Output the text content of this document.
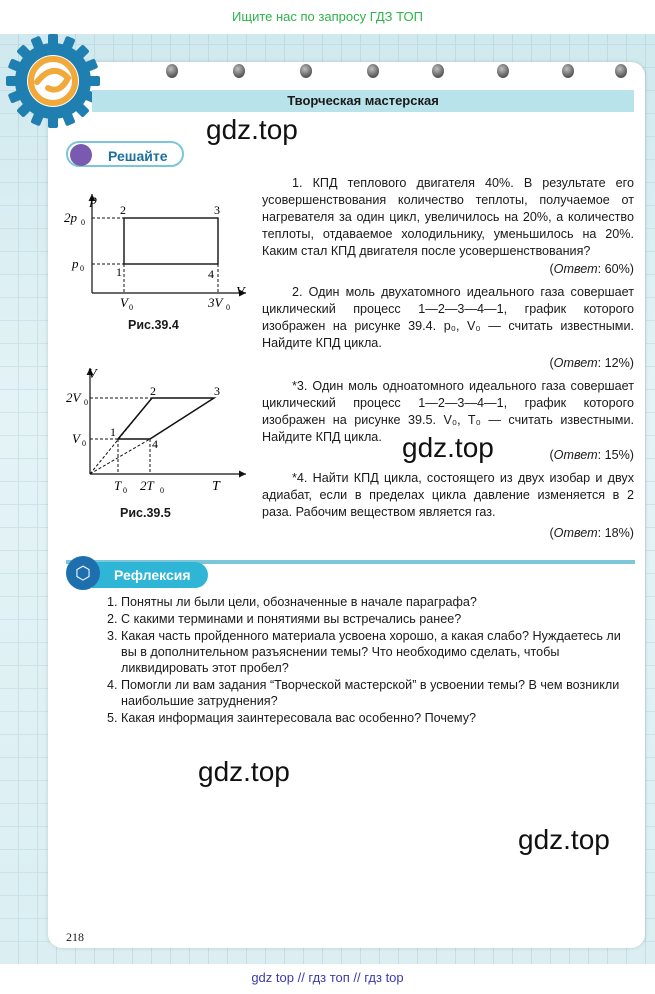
Ищите нас по запросу ГДЗ ТОП
Творческая мастерская
gdz.top
Решайте
p
V
2p 0
p 0
V 0	3V 0
1
2	3
4
Рис.39.4
V
T
2V 0
V 0
T 0 2T 0
1
2	3
4
Рис.39.5
1. КПД теплового двигателя 40%. В результате его усовершенствования количество теплоты, получаемое от нагревателя за один цикл, увеличилось на 20%, а количество теплоты, отдаваемое холодильнику, уменьшилось на 20%. Каким стал КПД двигателя после усовершенствования?
(Ответ: 60%)
2. Один моль двухатомного идеального газа совершает циклический процесс 1—2—3—4—1, график которого изображен на рисунке 39.4. p₀, V₀ — считать известными. Найдите КПД цикла.
(Ответ: 12%)
*3. Один моль одноатомного идеального газа совершает циклический процесс 1—2—3—4—1, график которого изображен на рисунке 39.5. V₀, T₀ — считать известными. Найдите КПД цикла. gdz.top	(Ответ: 15%)
*4. Найти КПД цикла, состоящего из двух изобар и двух адиабат, если в пределах цикла давление изменяется в 2 раза. Рабочим веществом является газ.
(Ответ: 18%)
Рефлексия
⬡
1. Понятны ли были цели, обозначенные в начале параграфа?
2. С какими терминами и понятиями вы встречались ранее?
3. Какая часть пройденного материала усвоена хорошо, а какая слабо? Нуждаетесь ли вы в дополнительном разъяснении темы? Что необходимо сделать, чтобы ликвидировать этот пробел?
4. Помогли ли вам задания “Творческой мастерской” в усвоении темы? В чем возникли наибольшие затруднения?
5. Какая информация заинтересовала вас особенно? Почему?
gdz.top
gdz.top
218
gdz top // гдз топ // гдз top
